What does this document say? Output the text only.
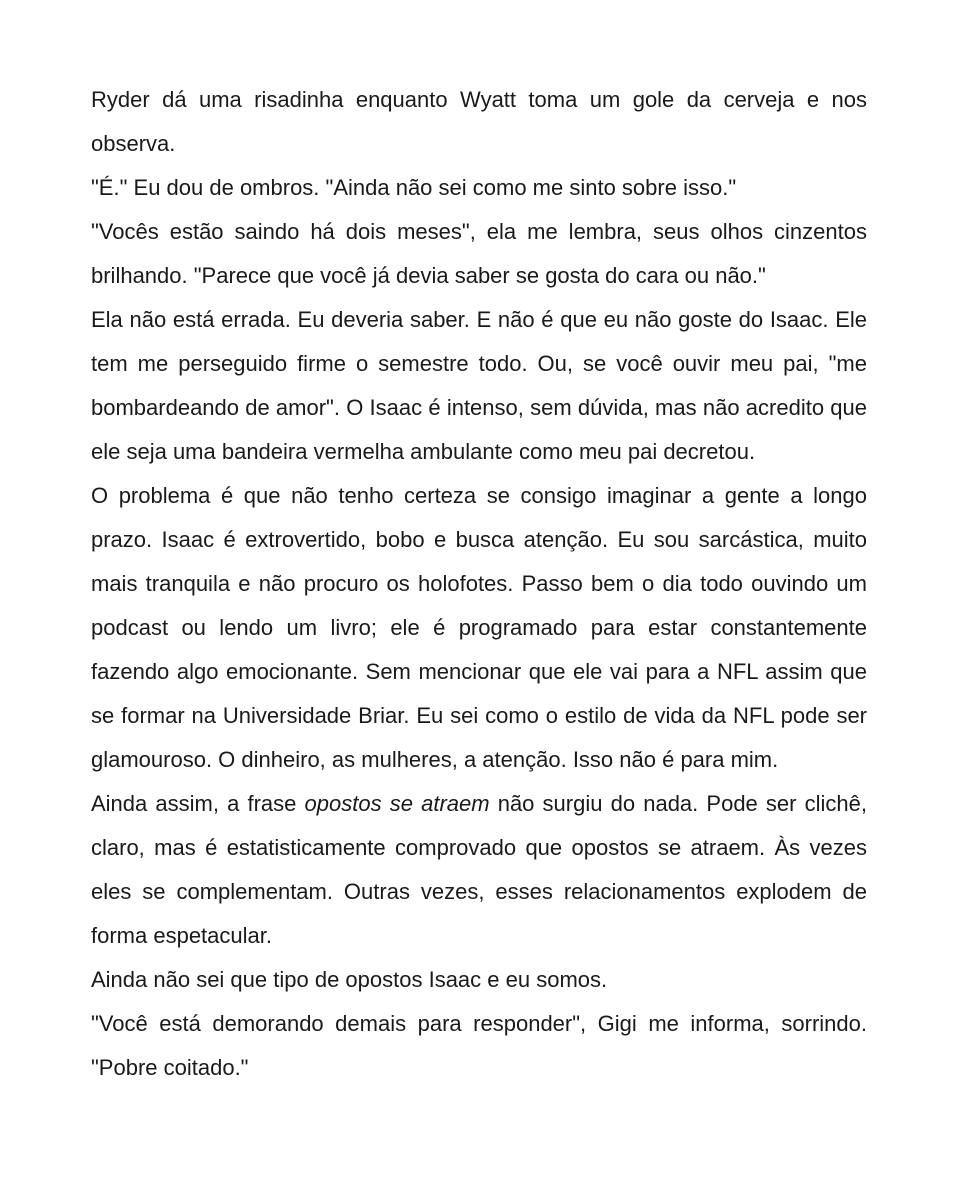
Ryder dá uma risadinha enquanto Wyatt toma um gole da cerveja e nos observa.

"É." Eu dou de ombros. "Ainda não sei como me sinto sobre isso."

"Vocês estão saindo há dois meses", ela me lembra, seus olhos cinzentos brilhando. "Parece que você já devia saber se gosta do cara ou não."

Ela não está errada. Eu deveria saber. E não é que eu não goste do Isaac. Ele tem me perseguido firme o semestre todo. Ou, se você ouvir meu pai, "me bombardeando de amor". O Isaac é intenso, sem dúvida, mas não acredito que ele seja uma bandeira vermelha ambulante como meu pai decretou.

O problema é que não tenho certeza se consigo imaginar a gente a longo prazo. Isaac é extrovertido, bobo e busca atenção. Eu sou sarcástica, muito mais tranquila e não procuro os holofotes. Passo bem o dia todo ouvindo um podcast ou lendo um livro; ele é programado para estar constantemente fazendo algo emocionante. Sem mencionar que ele vai para a NFL assim que se formar na Universidade Briar. Eu sei como o estilo de vida da NFL pode ser glamouroso. O dinheiro, as mulheres, a atenção. Isso não é para mim.

Ainda assim, a frase opostos se atraem não surgiu do nada. Pode ser clichê, claro, mas é estatisticamente comprovado que opostos se atraem. Às vezes eles se complementam. Outras vezes, esses relacionamentos explodem de forma espetacular.

Ainda não sei que tipo de opostos Isaac e eu somos.

"Você está demorando demais para responder", Gigi me informa, sorrindo. "Pobre coitado."
